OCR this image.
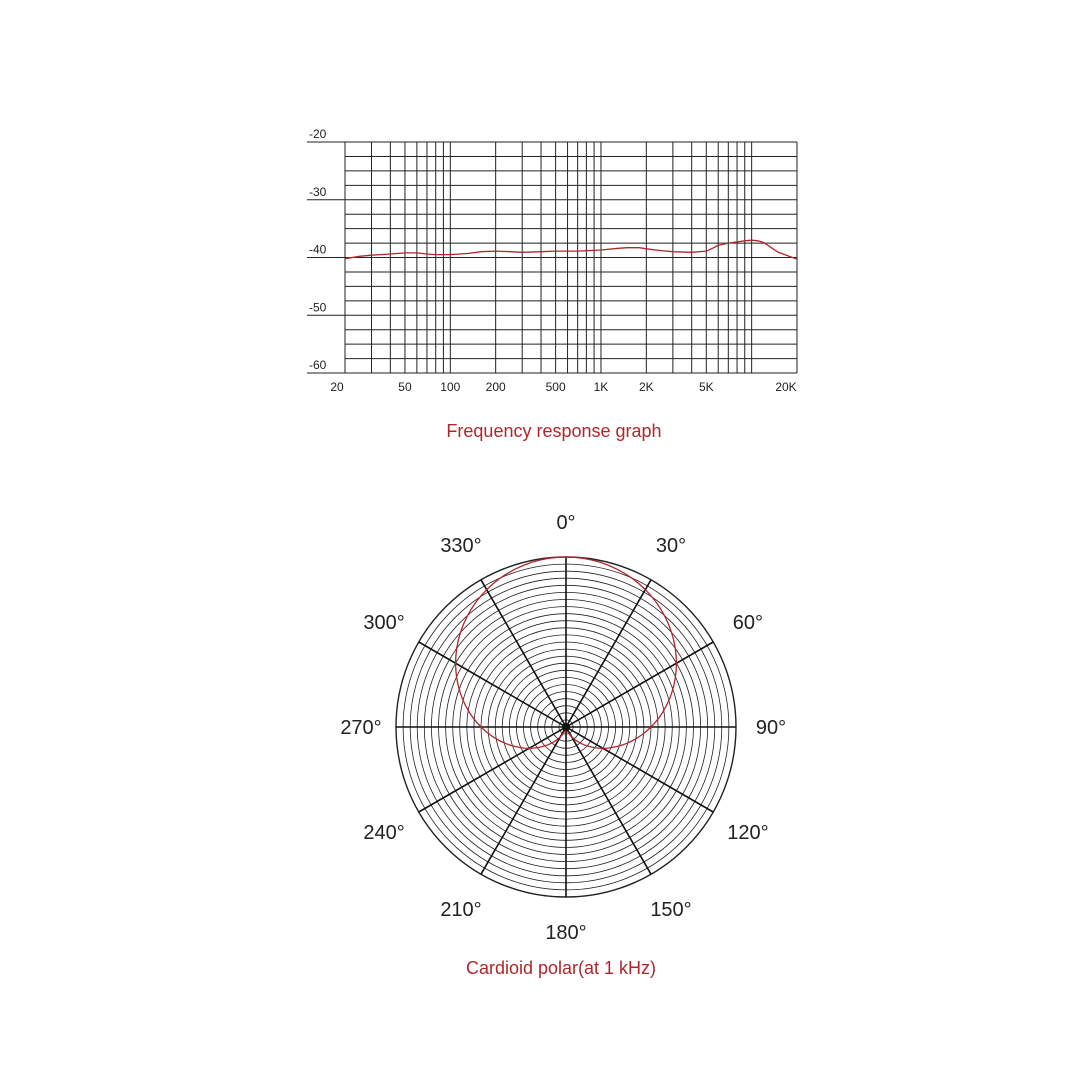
-20
-30
-40
-50
-60
20	50 100 200	500 1K	2K	5K	20K
Frequency response graph
0°
30°
60°
90°
120°
150°
180°
210°
240°
270°
300°
330°
Cardioid polar(at 1 kHz)
